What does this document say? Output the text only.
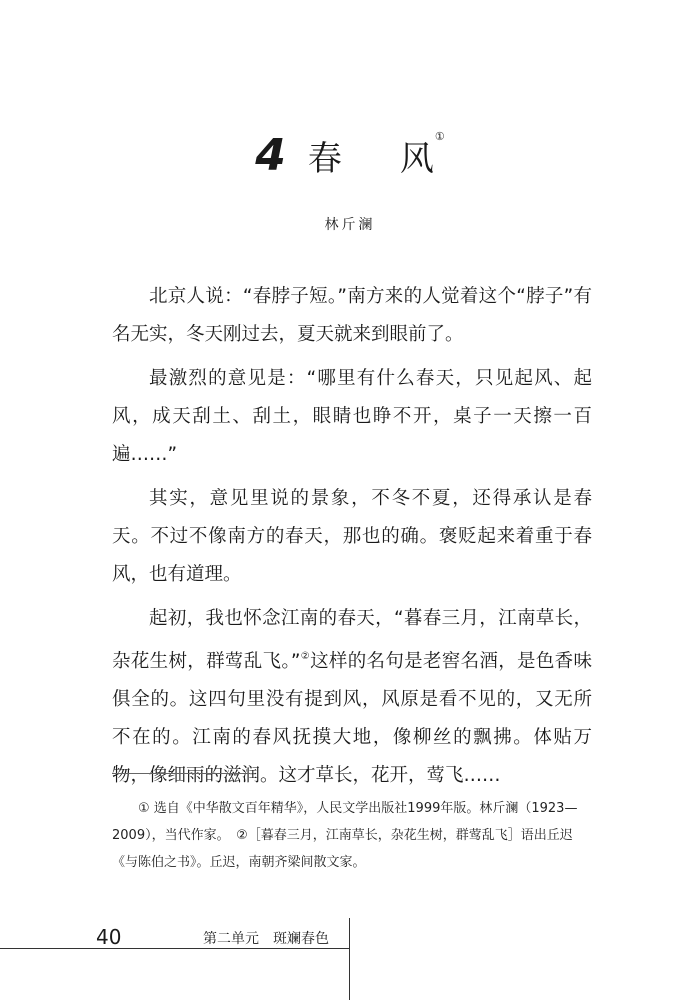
4 春 风①
林斤澜

北京人说：“春脖子短。”南方来的人觉着这个“脖子”有名无实，冬天刚过去，夏天就来到眼前了。

最激烈的意见是：“哪里有什么春天，只见起风、起风，成天刮土、刮土，眼睛也睁不开，桌子一天擦一百遍……”

其实，意见里说的景象，不冬不夏，还得承认是春天。不过不像南方的春天，那也的确。褒贬起来着重于春风，也有道理。

起初，我也怀念江南的春天，“暮春三月，江南草长，杂花生树，群莺乱飞。”②这样的名句是老窖名酒，是色香味俱全的。这四句里没有提到风，风原是看不见的，又无所不在的。江南的春风抚摸大地，像柳丝的飘拂。体贴万物，像细雨的滋润。这才草长，花开，莺飞……

① 选自《中华散文百年精华》，人民文学出版社1999年版。林斤澜（1923—2009），当代作家。　 ②［暮春三月，江南草长，杂花生树，群莺乱飞］语出丘迟《与陈伯之书》。丘迟，南朝齐梁间散文家。
40	第二单元 斑斓春色
